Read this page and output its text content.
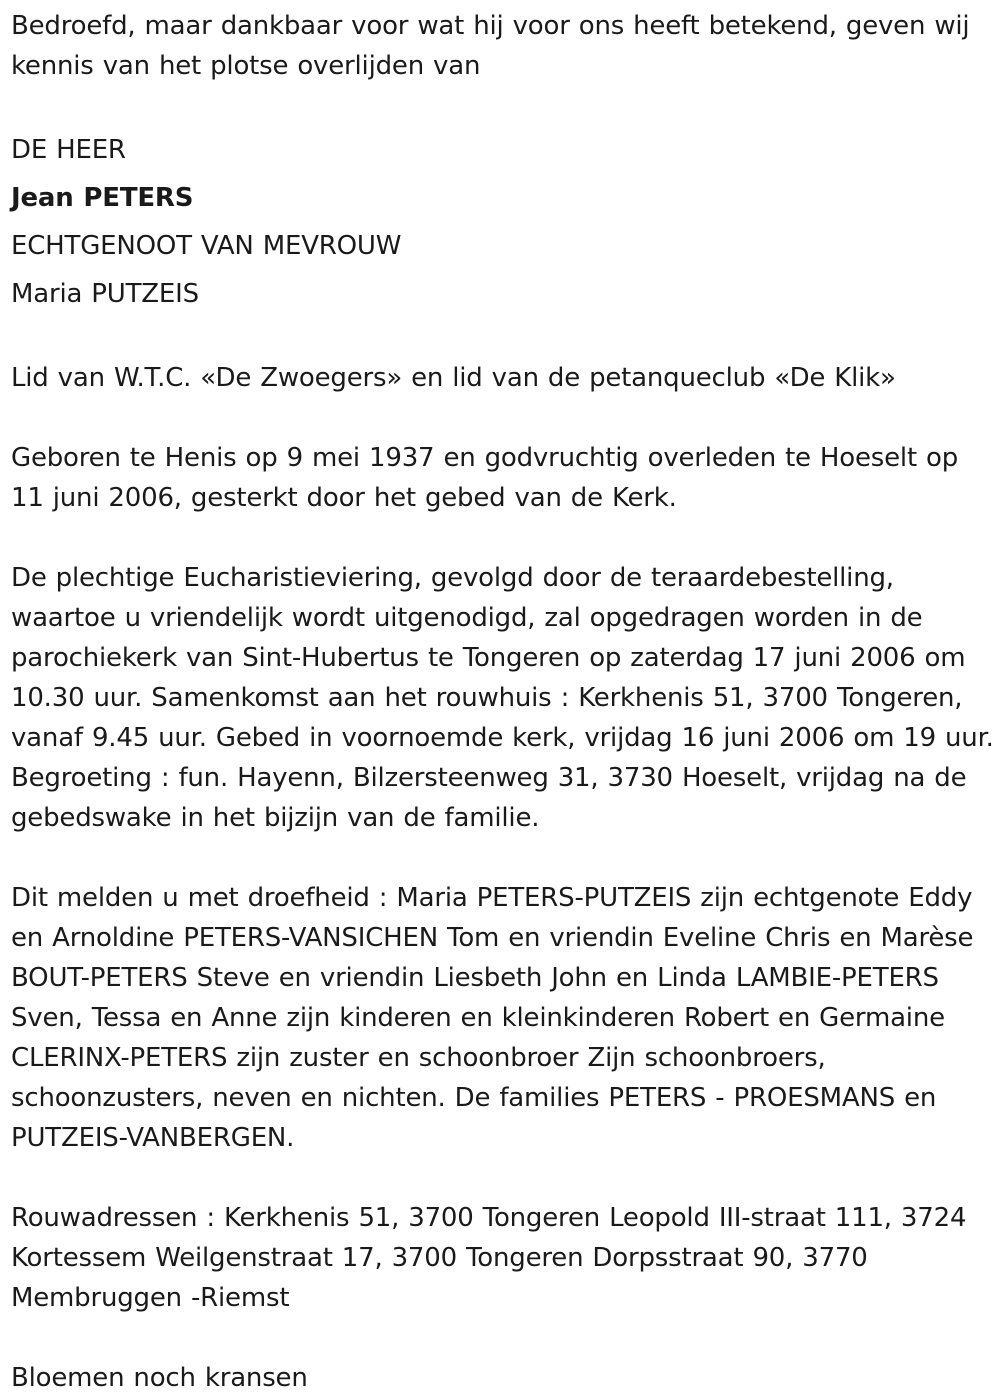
Bedroefd, maar dankbaar voor wat hij voor ons heeft betekend, geven wij kennis van het plotse overlijden van

DE HEER

Jean PETERS

ECHTGENOOT VAN MEVROUW

Maria PUTZEIS

Lid van W.T.C. «De Zwoegers» en lid van de petanqueclub «De Klik»

Geboren te Henis op 9 mei 1937 en godvruchtig overleden te Hoeselt op 11 juni 2006, gesterkt door het gebed van de Kerk.

De plechtige Eucharistieviering, gevolgd door de teraardebestelling, waartoe u vriendelijk wordt uitgenodigd, zal opgedragen worden in de parochiekerk van Sint-Hubertus te Tongeren op zaterdag 17 juni 2006 om 10.30 uur. Samenkomst aan het rouwhuis : Kerkhenis 51, 3700 Tongeren, vanaf 9.45 uur. Gebed in voornoemde kerk, vrijdag 16 juni 2006 om 19 uur. Begroeting : fun. Hayenn, Bilzersteenweg 31, 3730 Hoeselt, vrijdag na de gebedswake in het bijzijn van de familie.

Dit melden u met droefheid : Maria PETERS-PUTZEIS zijn echtgenote Eddy en Arnoldine PETERS-VANSICHEN Tom en vriendin Eveline Chris en Marèse BOUT-PETERS Steve en vriendin Liesbeth John en Linda LAMBIE-PETERS Sven, Tessa en Anne zijn kinderen en kleinkinderen Robert en Germaine CLERINX-PETERS zijn zuster en schoonbroer Zijn schoonbroers, schoonzusters, neven en nichten. De families PETERS - PROESMANS en PUTZEIS-VANBERGEN.

Rouwadressen : Kerkhenis 51, 3700 Tongeren Leopold III-straat 111, 3724 Kortessem Weilgenstraat 17, 3700 Tongeren Dorpsstraat 90, 3770 Membruggen -Riemst

Bloemen noch kransen
